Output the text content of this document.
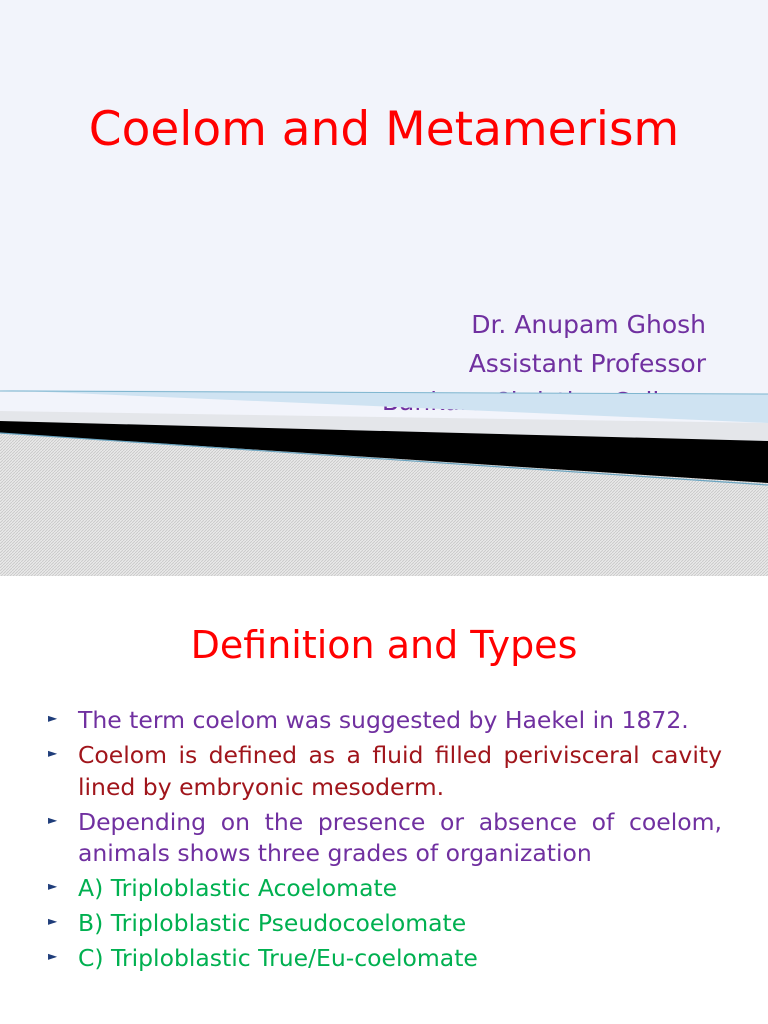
Coelom and Metamerism
Dr. Anupam Ghosh
Assistant Professor
Definition and Types
► The term coelom was suggested by Haekel in 1872.
► Coelom is defined as a fluid filled perivisceral cavity lined by embryonic mesoderm.
► Depending on the presence or absence of coelom, animals shows three grades of organization
► A) Triploblastic Acoelomate
► B) Triploblastic Pseudocoelomate
► C) Triploblastic True/Eu-coelomate
